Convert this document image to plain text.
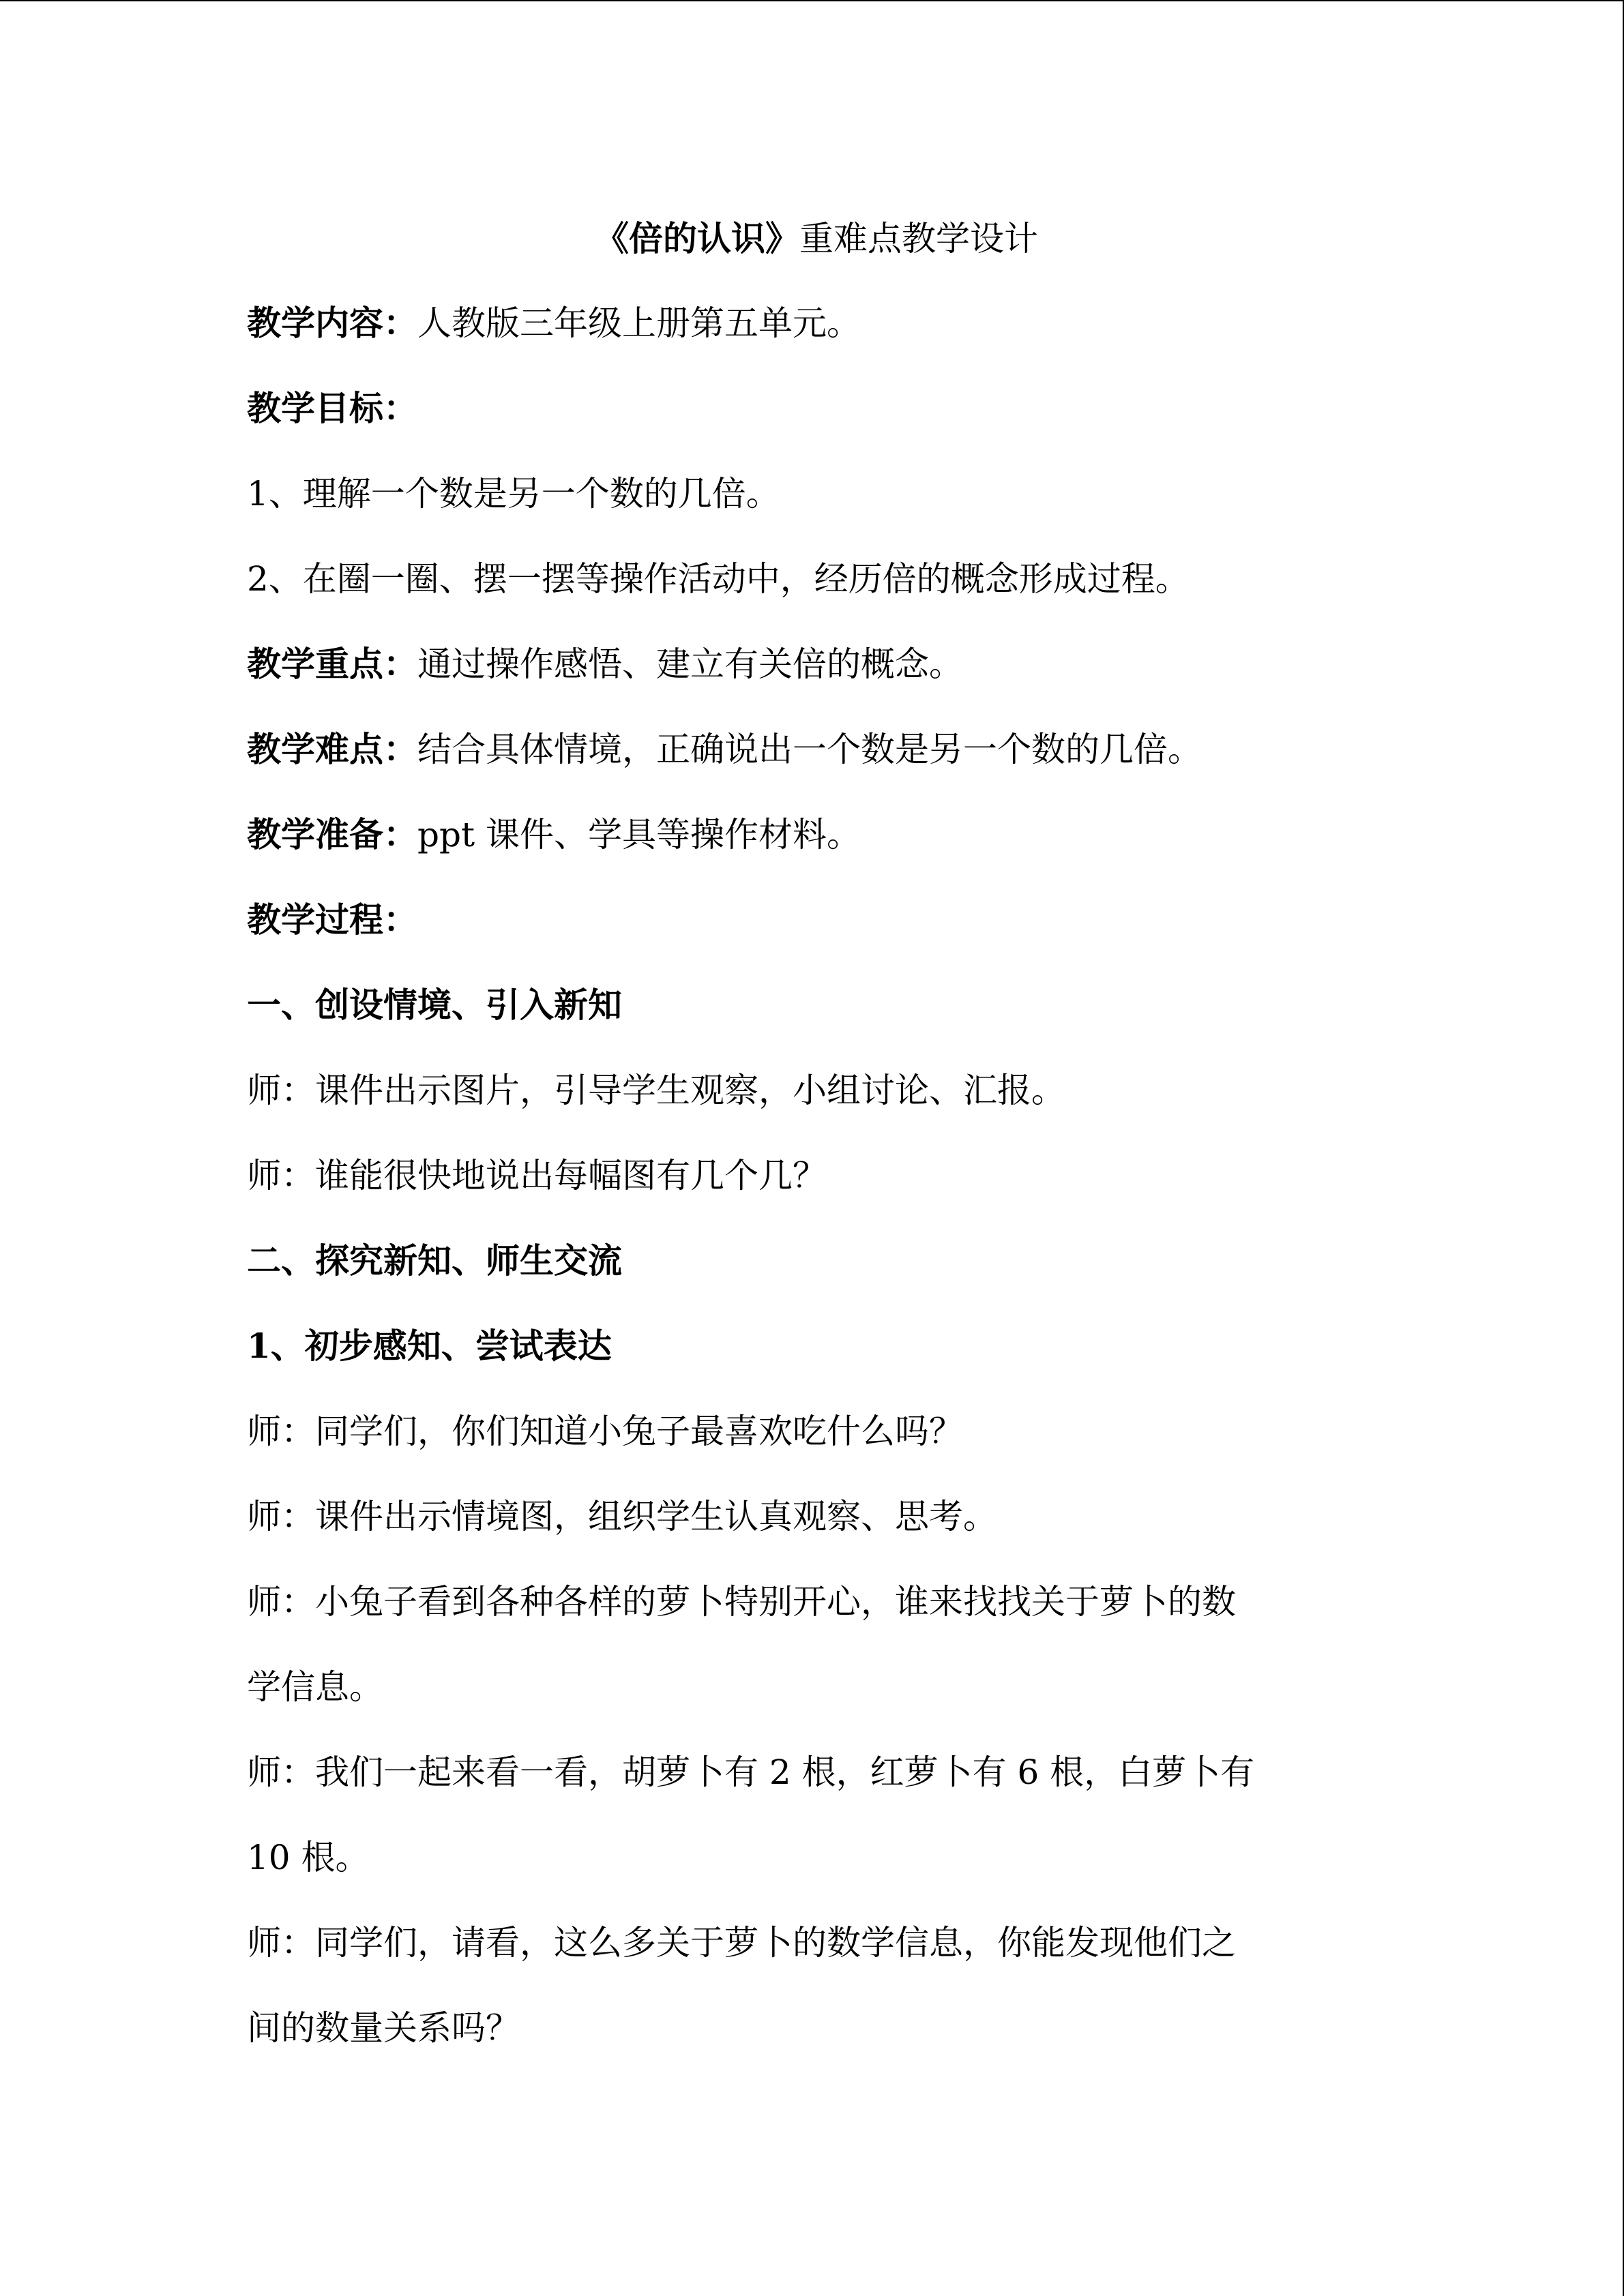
《倍的认识》重难点教学设计
教学内容：人教版三年级上册第五单元。
教学目标：
1、理解一个数是另一个数的几倍。
2、在圈一圈、摆一摆等操作活动中，经历倍的概念形成过程。
教学重点：通过操作感悟、建立有关倍的概念。
教学难点：结合具体情境，正确说出一个数是另一个数的几倍。
教学准备：ppt 课件、学具等操作材料。
教学过程：
一、创设情境、引入新知
师：课件出示图片，引导学生观察，小组讨论、汇报。
师：谁能很快地说出每幅图有几个几？
二、探究新知、师生交流
1、初步感知、尝试表达
师：同学们，你们知道小兔子最喜欢吃什么吗？
师：课件出示情境图，组织学生认真观察、思考。
师：小兔子看到各种各样的萝卜特别开心，谁来找找关于萝卜的数
学信息。
师：我们一起来看一看，胡萝卜有 2 根，红萝卜有 6 根，白萝卜有
10 根。
师：同学们，请看，这么多关于萝卜的数学信息，你能发现他们之
间的数量关系吗？
